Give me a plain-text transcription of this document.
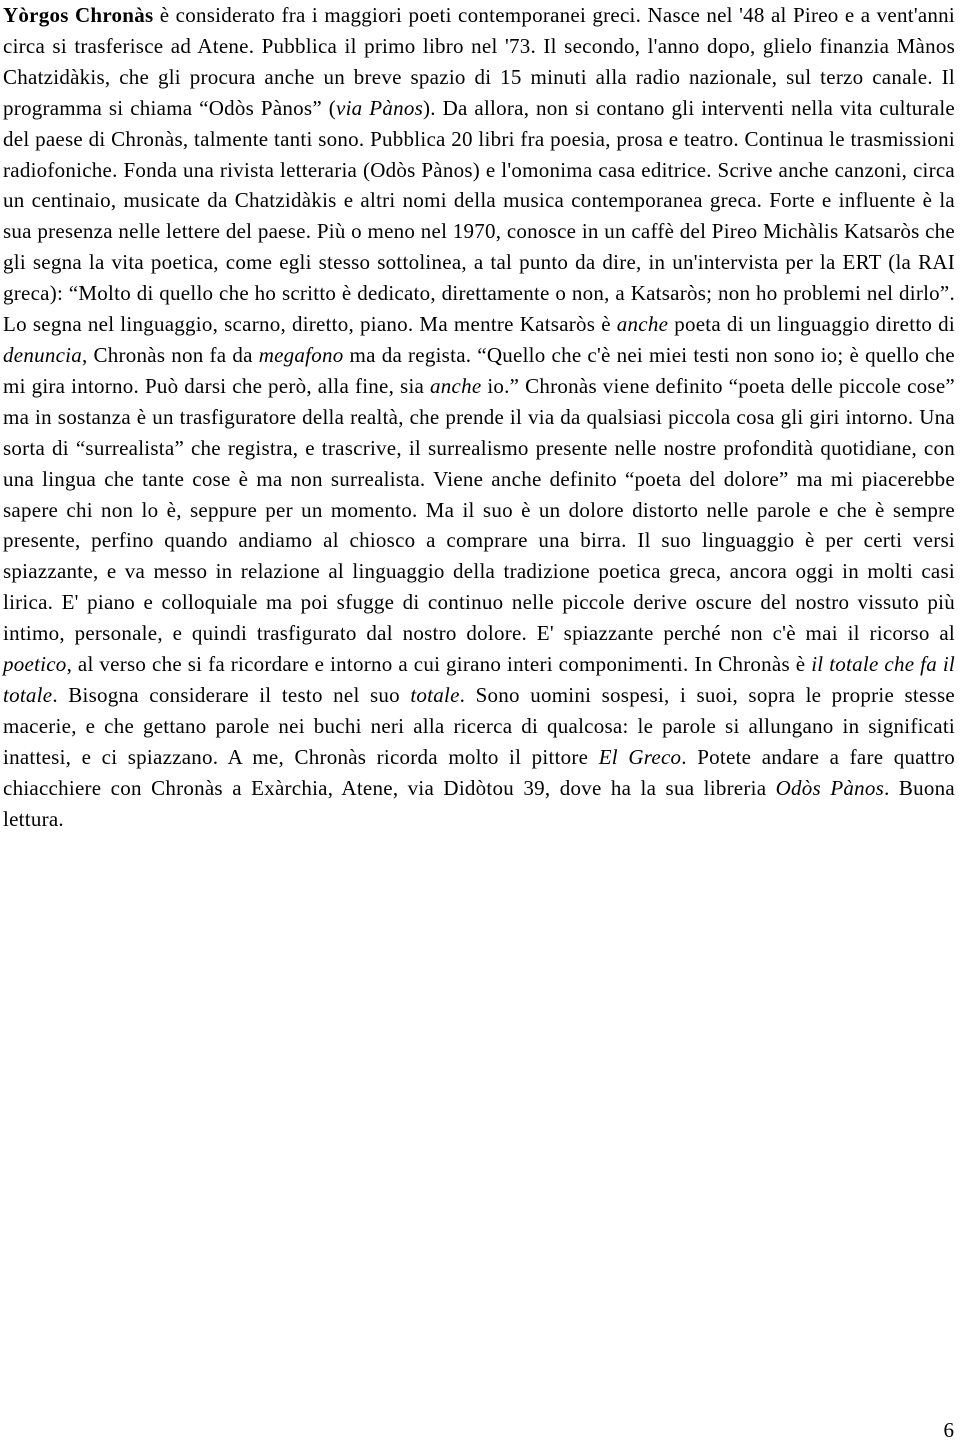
Yòrgos Chronàs è considerato fra i maggiori poeti contemporanei greci. Nasce nel '48 al Pireo e a vent'anni circa si trasferisce ad Atene. Pubblica il primo libro nel '73. Il secondo, l'anno dopo, glielo finanzia Mànos Chatzidàkis, che gli procura anche un breve spazio di 15 minuti alla radio nazionale, sul terzo canale. Il programma si chiama “Odòs Pànos” (via Pànos). Da allora, non si contano gli interventi nella vita culturale del paese di Chronàs, talmente tanti sono. Pubblica 20 libri fra poesia, prosa e teatro. Continua le trasmissioni radiofoniche. Fonda una rivista letteraria (Odòs Pànos) e l'omonima casa editrice. Scrive anche canzoni, circa un centinaio, musicate da Chatzidàkis e altri nomi della musica contemporanea greca. Forte e influente è la sua presenza nelle lettere del paese. Più o meno nel 1970, conosce in un caffè del Pireo Michàlis Katsaròs che gli segna la vita poetica, come egli stesso sottolinea, a tal punto da dire, in un'intervista per la ERT (la RAI greca): “Molto di quello che ho scritto è dedicato, direttamente o non, a Katsaròs; non ho problemi nel dirlo”. Lo segna nel linguaggio, scarno, diretto, piano. Ma mentre Katsaròs è anche poeta di un linguaggio diretto di denuncia, Chronàs non fa da megafono ma da regista. “Quello che c'è nei miei testi non sono io; è quello che mi gira intorno. Può darsi che però, alla fine, sia anche io.” Chronàs viene definito “poeta delle piccole cose” ma in sostanza è un trasfiguratore della realtà, che prende il via da qualsiasi piccola cosa gli giri intorno. Una sorta di “surrealista” che registra, e trascrive, il surrealismo presente nelle nostre profondità quotidiane, con una lingua che tante cose è ma non surrealista. Viene anche definito “poeta del dolore” ma mi piacerebbe sapere chi non lo è, seppure per un momento. Ma il suo è un dolore distorto nelle parole e che è sempre presente, perfino quando andiamo al chiosco a comprare una birra. Il suo linguaggio è per certi versi spiazzante, e va messo in relazione al linguaggio della tradizione poetica greca, ancora oggi in molti casi lirica. E' piano e colloquiale ma poi sfugge di continuo nelle piccole derive oscure del nostro vissuto più intimo, personale, e quindi trasfigurato dal nostro dolore. E' spiazzante perché non c'è mai il ricorso al poetico, al verso che si fa ricordare e intorno a cui girano interi componimenti. In Chronàs è il totale che fa il totale. Bisogna considerare il testo nel suo totale. Sono uomini sospesi, i suoi, sopra le proprie stesse macerie, e che gettano parole nei buchi neri alla ricerca di qualcosa: le parole si allungano in significati inattesi, e ci spiazzano. A me, Chronàs ricorda molto il pittore El Greco. Potete andare a fare quattro chiacchiere con Chronàs a Exàrchia, Atene, via Didòtou 39, dove ha la sua libreria Odòs Pànos. Buona lettura.

6
